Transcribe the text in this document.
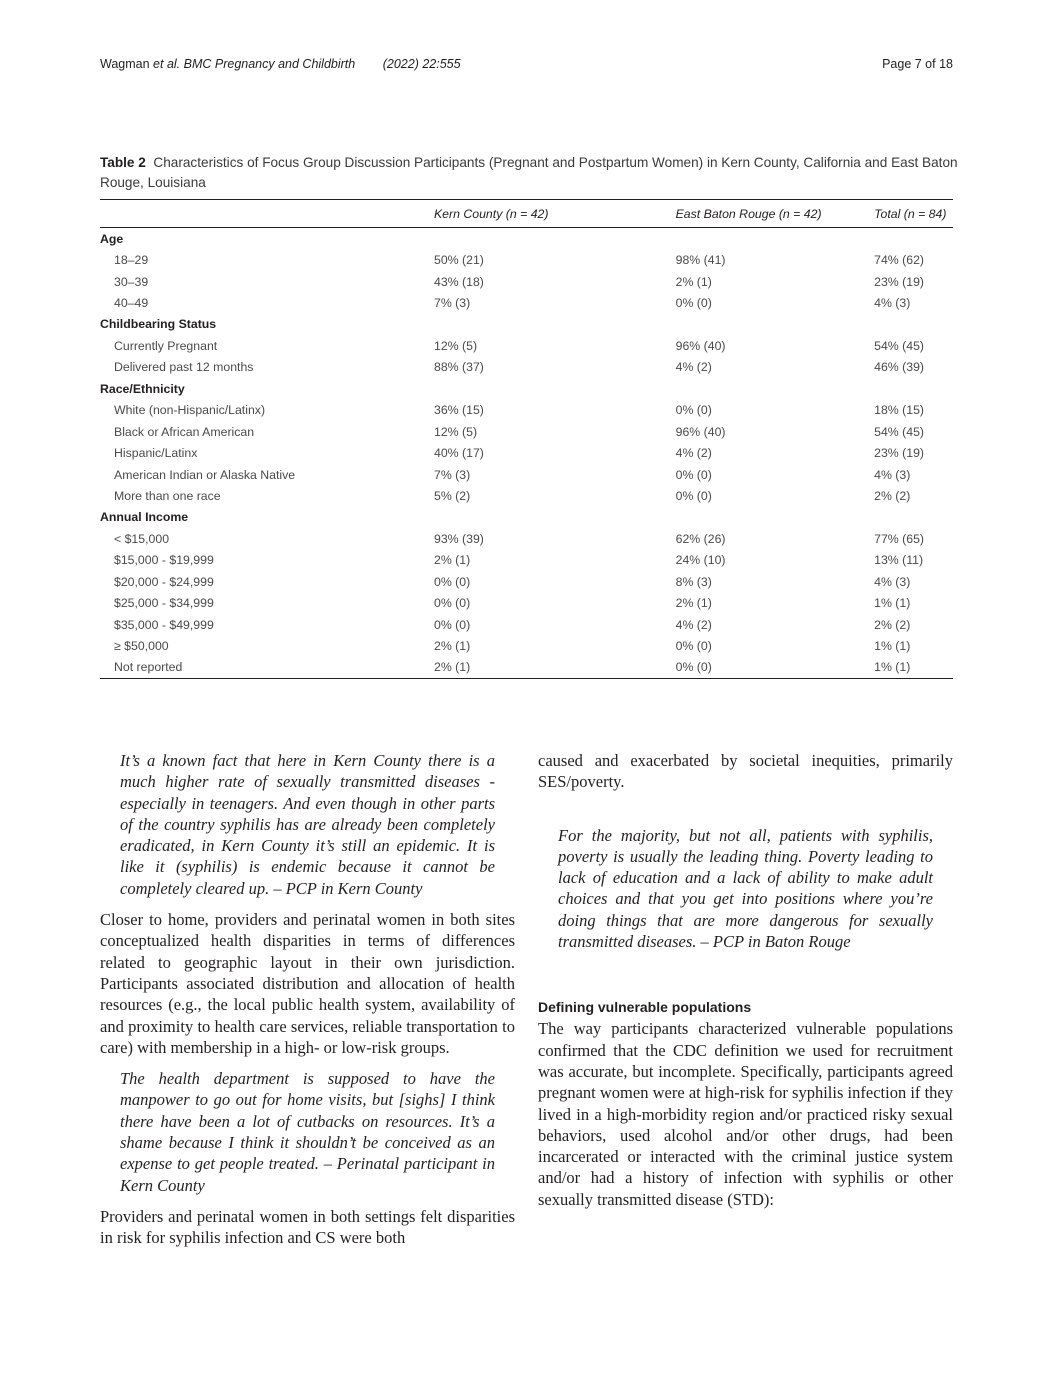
Wagman et al. BMC Pregnancy and Childbirth (2022) 22:555	Page 7 of 18
Table 2 Characteristics of Focus Group Discussion Participants (Pregnant and Postpartum Women) in Kern County, California and East Baton Rouge, Louisiana
	Kern County (n = 42)	East Baton Rouge (n = 42)	Total (n = 84)
Age			
18–29	50% (21)	98% (41)	74% (62)
30–39	43% (18)	2% (1)	23% (19)
40–49	7% (3)	0% (0)	4% (3)
Childbearing Status			
Currently Pregnant	12% (5)	96% (40)	54% (45)
Delivered past 12 months	88% (37)	4% (2)	46% (39)
Race/Ethnicity			
White (non-Hispanic/Latinx)	36% (15)	0% (0)	18% (15)
Black or African American	12% (5)	96% (40)	54% (45)
Hispanic/Latinx	40% (17)	4% (2)	23% (19)
American Indian or Alaska Native	7% (3)	0% (0)	4% (3)
More than one race	5% (2)	0% (0)	2% (2)
Annual Income			
< $15,000	93% (39)	62% (26)	77% (65)
$15,000 - $19,999	2% (1)	24% (10)	13% (11)
$20,000 - $24,999	0% (0)	8% (3)	4% (3)
$25,000 - $34,999	0% (0)	2% (1)	1% (1)
$35,000 - $49,999	0% (0)	4% (2)	2% (2)
≥ $50,000	2% (1)	0% (0)	1% (1)
Not reported	2% (1)	0% (0)	1% (1)

It’s a known fact that here in Kern County there is a much higher rate of sexually transmitted diseases - especially in teenagers. And even though in other parts of the country syphilis has are already been completely eradicated, in Kern County it’s still an epidemic. It is like it (syphilis) is endemic because it cannot be completely cleared up. – PCP in Kern County

Closer to home, providers and perinatal women in both sites conceptualized health disparities in terms of differences related to geographic layout in their own jurisdiction. Participants associated distribution and allocation of health resources (e.g., the local public health system, availability of and proximity to health care services, reliable transportation to care) with membership in a high- or low-risk groups.

The health department is supposed to have the manpower to go out for home visits, but [sighs] I think there have been a lot of cutbacks on resources. It’s a shame because I think it shouldn’t be conceived as an expense to get people treated. – Perinatal participant in Kern County

Providers and perinatal women in both settings felt disparities in risk for syphilis infection and CS were both

caused and exacerbated by societal inequities, primarily SES/poverty.

For the majority, but not all, patients with syphilis, poverty is usually the leading thing. Poverty leading to lack of education and a lack of ability to make adult choices and that you get into positions where you’re doing things that are more dangerous for sexually transmitted diseases. – PCP in Baton Rouge

Defining vulnerable populations

The way participants characterized vulnerable populations confirmed that the CDC definition we used for recruitment was accurate, but incomplete. Specifically, participants agreed pregnant women were at high-risk for syphilis infection if they lived in a high-morbidity region and/or practiced risky sexual behaviors, used alcohol and/or other drugs, had been incarcerated or interacted with the criminal justice system and/or had a history of infection with syphilis or other sexually transmitted disease (STD):
